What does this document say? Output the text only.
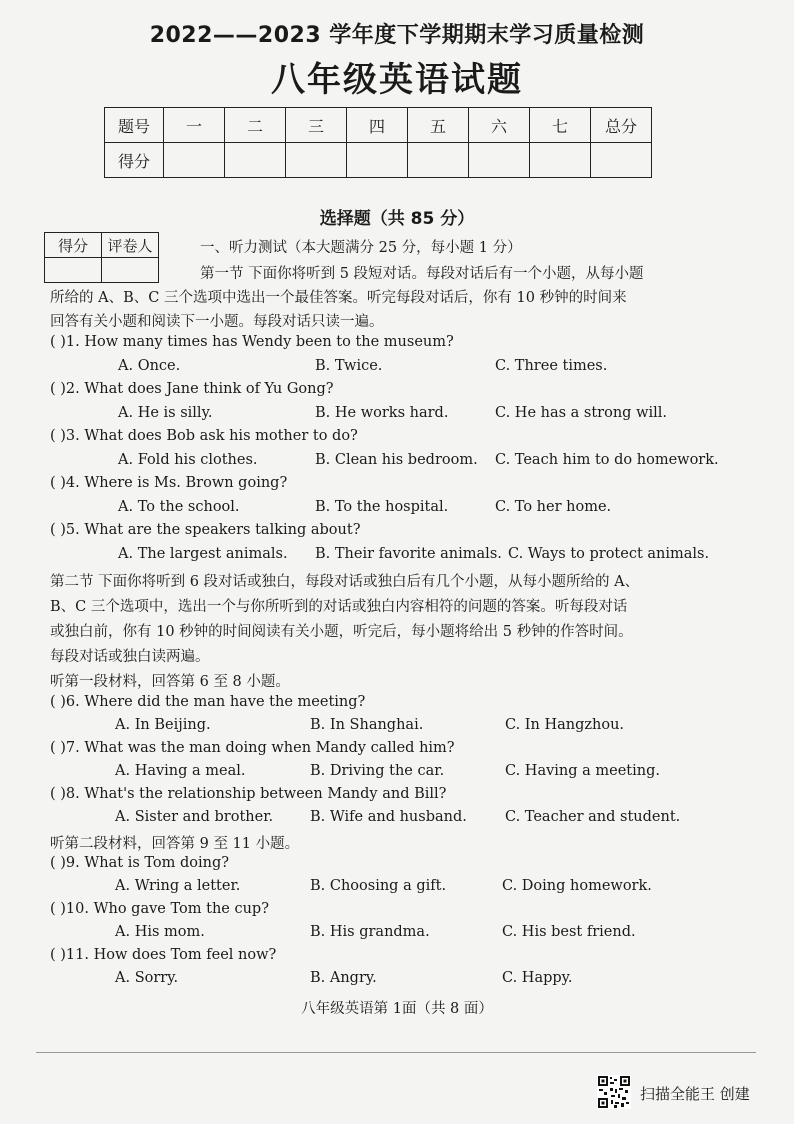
2022——2023 学年度下学期期末学习质量检测
八年级英语试题
题号	一	二	三	四	五	六	七	总分
得分								
选择题（共 85 分）
得分	评卷人
		一、听力测试（本大题满分 25 分，每小题 1 分）
第一节 下面你将听到 5 段短对话。每段对话后有一个小题，从每小题
所给的 A、B、C 三个选项中选出一个最佳答案。听完每段对话后，你有 10 秒钟的时间来
回答有关小题和阅读下一小题。每段对话只读一遍。
( )1. How many times has Wendy been to the museum?
A. Once.	B. Twice.	C. Three times.
( )2. What does Jane think of Yu Gong?
A. He is silly.	B. He works hard.	C. He has a strong will.
( )3. What does Bob ask his mother to do?
A. Fold his clothes.	B. Clean his bedroom. C. Teach him to do homework.
( )4. Where is Ms. Brown going?
A. To the school.	B. To the hospital.	C. To her home.
( )5. What are the speakers talking about?
A. The largest animals. B. Their favorite animals. C. Ways to protect animals.
第二节 下面你将听到 6 段对话或独白，每段对话或独白后有几个小题，从每小题所给的 A、
B、C 三个选项中，选出一个与你所听到的对话或独白内容相符的问题的答案。听每段对话
或独白前，你有 10 秒钟的时间阅读有关小题，听完后，每小题将给出 5 秒钟的作答时间。
每段对话或独白读两遍。
听第一段材料，回答第 6 至 8 小题。
( )6. Where did the man have the meeting?
A. In Beijing.	B. In Shanghai.	C. In Hangzhou.
( )7. What was the man doing when Mandy called him?
A. Having a meal.	B. Driving the car.	C. Having a meeting.
( )8. What's the relationship between Mandy and Bill?
A. Sister and brother.	B. Wife and husband.	C. Teacher and student.
听第二段材料，回答第 9 至 11 小题。
( )9. What is Tom doing?
A. Wring a letter.	B. Choosing a gift.	C. Doing homework.
( )10. Who gave Tom the cup?
A. His mom.	B. His grandma.	C. His best friend.
( )11. How does Tom feel now?
A. Sorry.	B. Angry.	C. Happy.
八年级英语第 1面（共 8 面）
扫描全能王 创建
